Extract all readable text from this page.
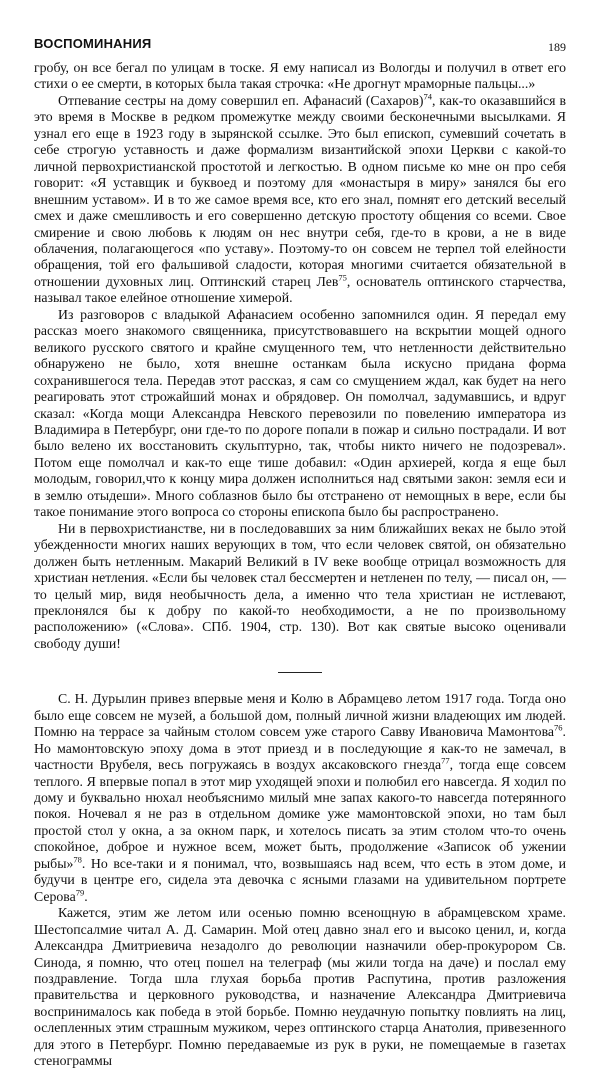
ВОСПОМИНАНИЯ	189

гробу, он все бегал по улицам в тоске. Я ему написал из Вологды и получил в ответ его стихи о ее смерти, в которых была такая строчка: «Не дрогнут мраморные пальцы...»

Отпевание сестры на дому совершил еп. Афанасий (Сахаров)$^{74}$, как-то оказавшийся в это время в Москве в редком промежутке между своими бесконечными высылками. Я узнал его еще в 1923 году в зырянской ссылке. Это был епископ, сумевший сочетать в себе строгую уставность и даже формализм византийской эпохи Церкви с какой-то личной первохристианской простотой и легкостью. В одном письме ко мне он про себя говорит: «Я уставщик и буквоед и поэтому для «монастыря в миру» занялся бы его внешним уставом». И в то же самое время все, кто его знал, помнят его детский веселый смех и даже смешливость и его совершенно детскую простоту общения со всеми. Свое смирение и свою любовь к людям он нес внутри себя, где-то в крови, а не в виде облачения, полагающегося «по уставу». Поэтому-то он совсем не терпел той елейности обращения, той его фальшивой сладости, которая многими считается обязательной в отношении духовных лиц. Оптинский старец Лев$^{75}$, основатель оптинского старчества, называл такое елейное отношение химерой.

Из разговоров с владыкой Афанасием особенно запомнился один. Я передал ему рассказ моего знакомого священника, присутствовавшего на вскрытии мощей одного великого русского святого и крайне смущенного тем, что нетленности действительно обнаружено не было, хотя внешне останкам была искусно придана форма сохранившегося тела. Передав этот рассказ, я сам со смущением ждал, как будет на него реагировать этот строжайший монах и обрядовер. Он помолчал, задумавшись, и вдруг сказал: «Когда мощи Александра Невского перевозили по повелению императора из Владимира в Петербург, они где-то по дороге попали в пожар и сильно пострадали. И вот было велено их восстановить скульптурно, так, чтобы никто ничего не подозревал». Потом еще помолчал и как-то еще тише добавил: «Один архиерей, когда я еще был молодым, говорил,что к концу мира должен исполниться над святыми закон: земля еси и в землю отыдеши». Много соблазнов было бы отстранено от немощных в вере, если бы такое понимание этого вопроса со стороны епископа было бы распространено.

Ни в первохристианстве, ни в последовавших за ним ближайших веках не было этой убежденности многих наших верующих в том, что если человек святой, он обязательно должен быть нетленным. Макарий Великий в IV веке вообще отрицал возможность для христиан нетления. «Если бы человек стал бессмертен и нетленен по телу, — писал он, — то целый мир, видя необычность дела, а именно что тела христиан не истлевают, преклонялся бы к добру по какой-то необходимости, а не по произвольному расположению» («Слова». СПб. 1904, стр. 130). Вот как святые высоко оценивали свободу души!

С. Н. Дурылин привез впервые меня и Колю в Абрамцево летом 1917 года. Тогда оно было еще совсем не музей, а большой дом, полный личной жизни владеющих им людей. Помню на террасе за чайным столом совсем уже старого Савву Ивановича Мамонтова$^{76}$. Но мамонтовскую эпоху дома в этот приезд и в последующие я как-то не замечал, в частности Врубеля, весь погружаясь в воздух аксаковского гнезда$^{77}$, тогда еще совсем теплого. Я впервые попал в этот мир уходящей эпохи и полюбил его навсегда. Я ходил по дому и буквально нюхал необъяснимо милый мне запах какого-то навсегда потерянного покоя. Ночевал я не раз в отдельном домике уже мамонтовской эпохи, но там был простой стол у окна, а за окном парк, и хотелось писать за этим столом что-то очень спокойное, доброе и нужное всем, может быть, продолжение «Записок об ужении рыбы»$^{78}$. Но все-таки и я понимал, что, возвышаясь над всем, что есть в этом доме, и будучи в центре его, сидела эта девочка с ясными глазами на удивительном портрете Серова$^{79}$.

Кажется, этим же летом или осенью помню всенощную в абрамцевском храме. Шестопсалмие читал А. Д. Самарин. Мой отец давно знал его и высоко ценил, и, когда Александра Дмитриевича незадолго до революции назначили обер-прокурором Св. Синода, я помню, что отец пошел на телеграф (мы жили тогда на даче) и послал ему поздравление. Тогда шла глухая борьба против Распутина, против разложения правительства и церковного руководства, и назначение Александра Дмитриевича воспринималось как победа в этой борьбе. Помню неудачную попытку повлиять на лиц, ослепленных этим страшным мужиком, через оптинского старца Анатолия, привезенного для этого в Петербург. Помню передаваемые из рук в руки, не помещаемые в газетах стенограммы
